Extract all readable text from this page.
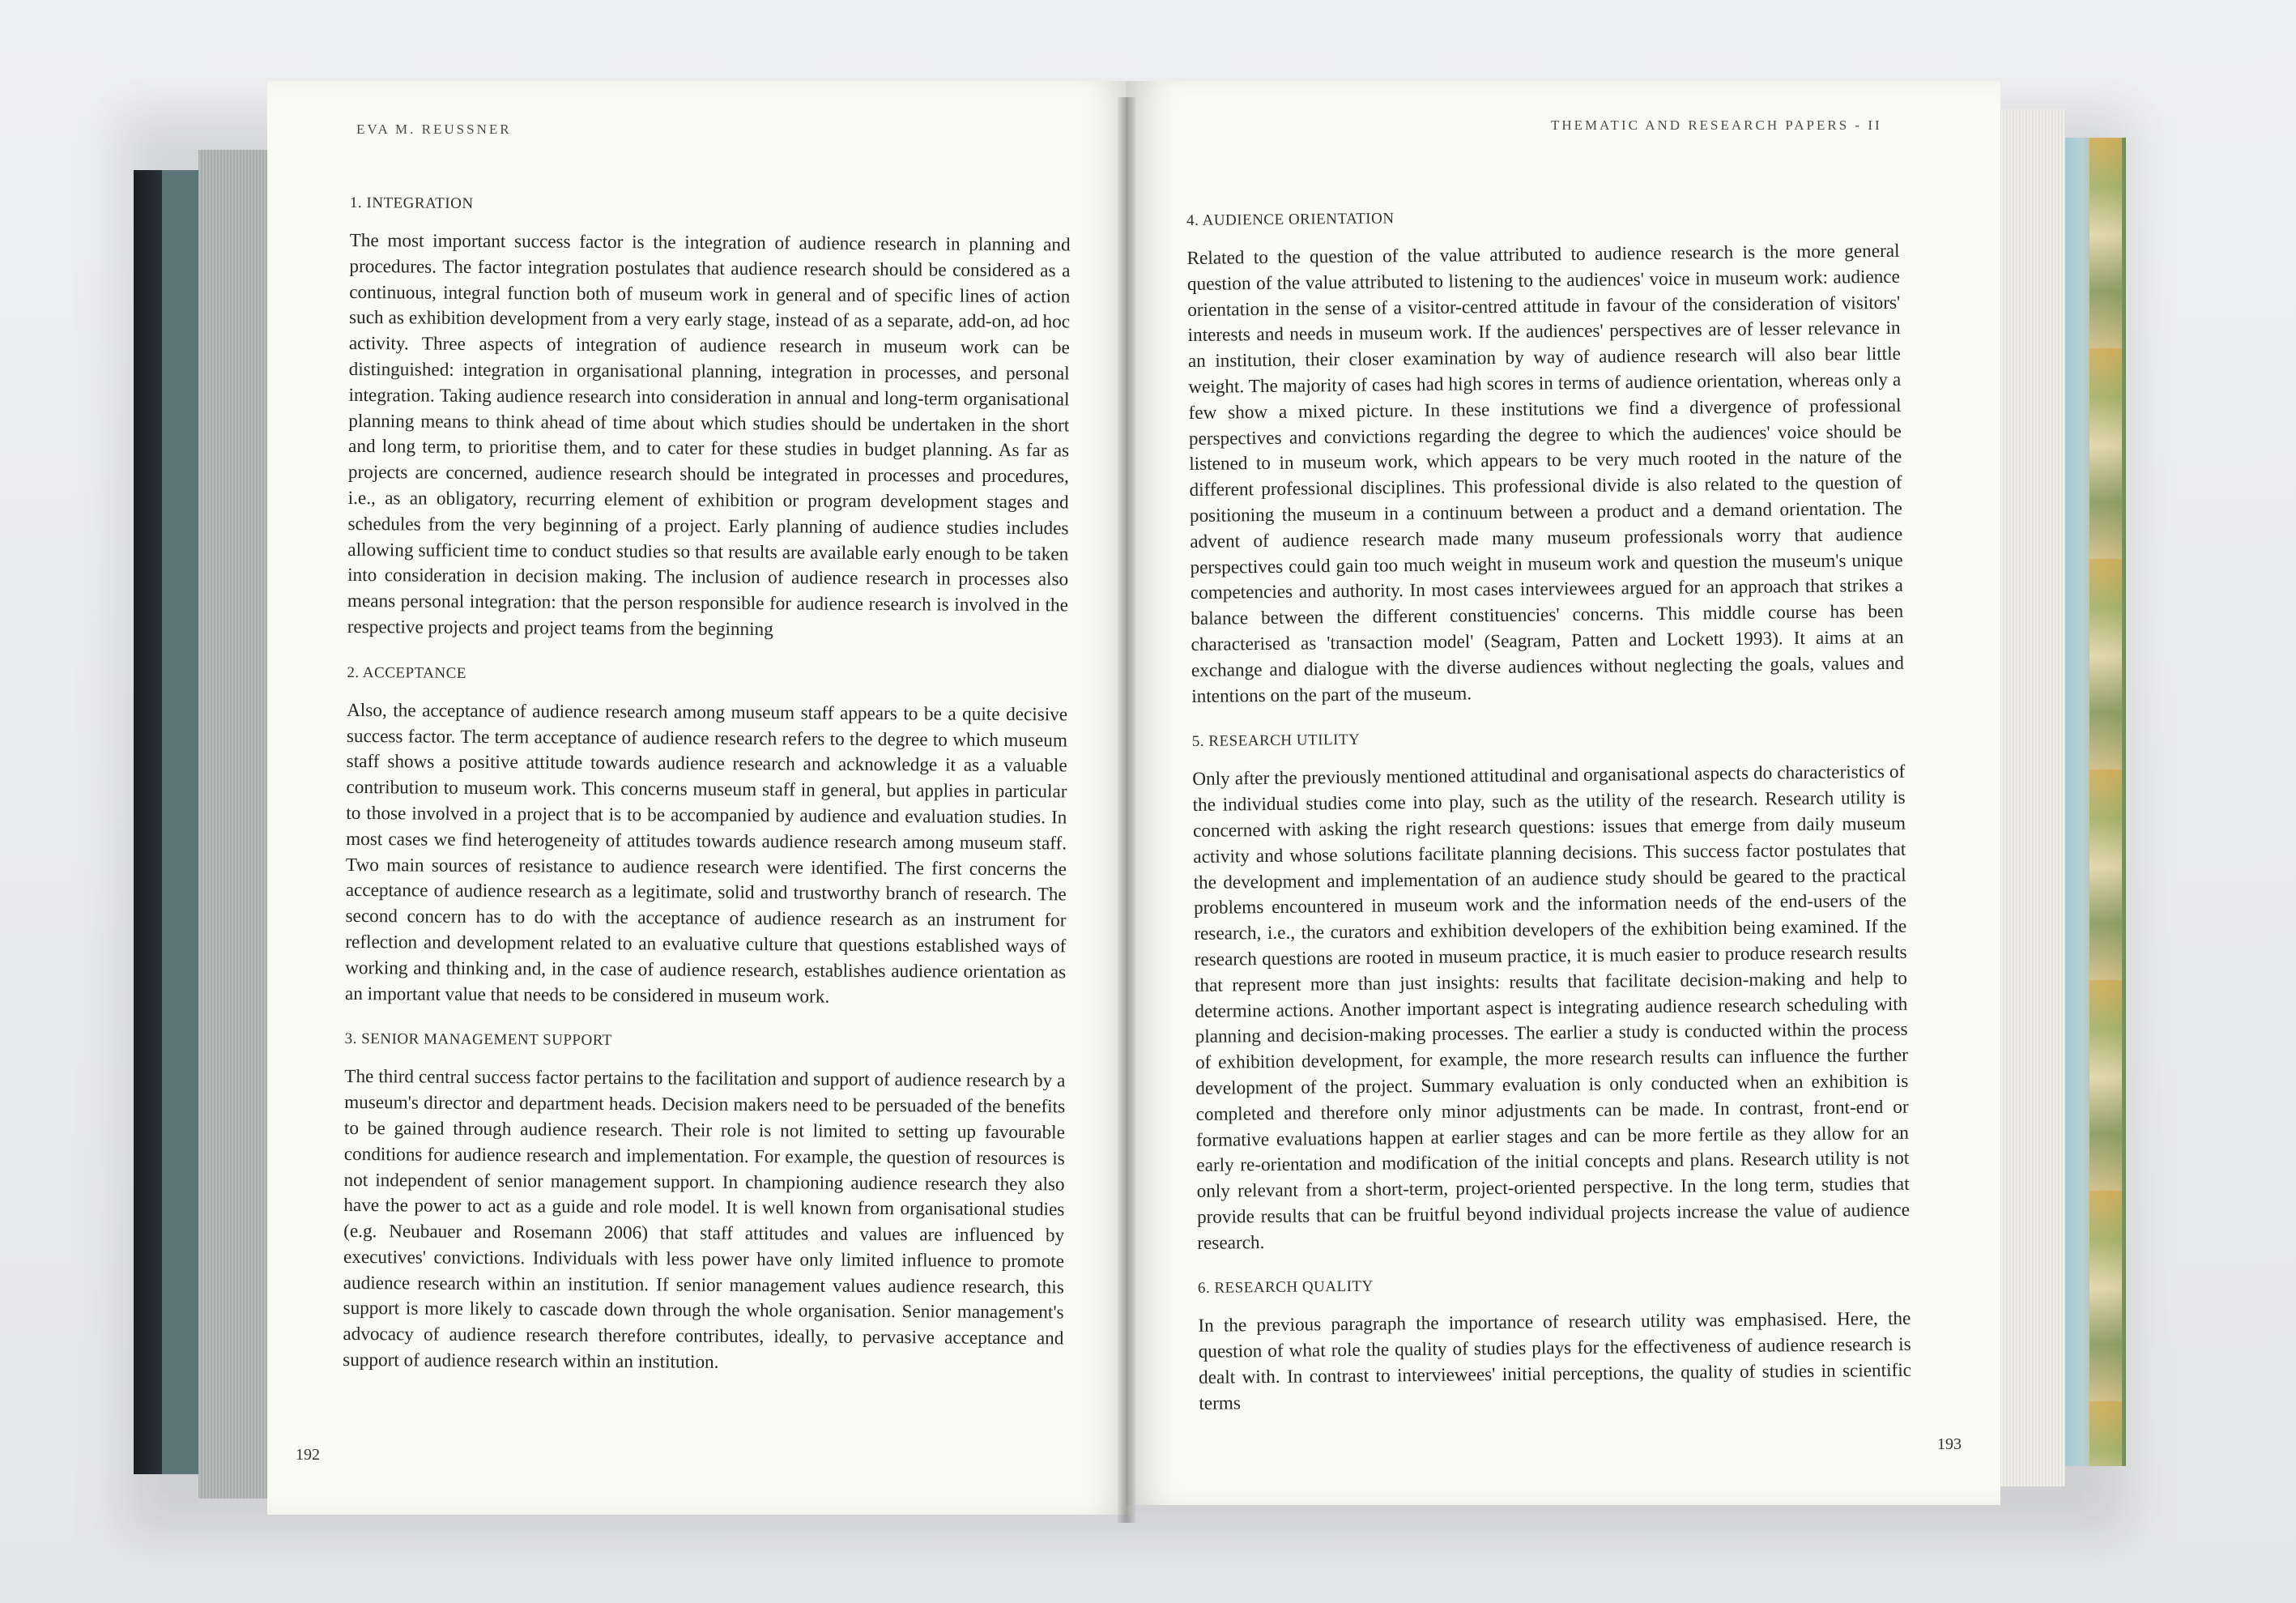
EVA M. REUSSNER	THEMATIC AND RESEARCH PAPERS - II
1. INTEGRATION
The most important success factor is the integration of audience research in planning and procedures. The factor integration postulates that audience research should be considered as a continuous, integral function both of museum work in general and of specific lines of action such as exhibition development from a very early stage, instead of as a separate, add-on, ad hoc activity. Three aspects of integration of audience research in museum work can be distinguished: integration in organisational planning, integration in processes, and personal integration. Taking audience research into consideration in annual and long-term organisational planning means to think ahead of time about which studies should be undertaken in the short and long term, to prioritise them, and to cater for these studies in budget planning. As far as projects are concerned, audience research should be integrated in processes and procedures, i.e., as an obligatory, recurring element of exhibition or program development stages and schedules from the very beginning of a project. Early planning of audience studies includes allowing sufficient time to conduct studies so that results are available early enough to be taken into consideration in decision making. The inclusion of audience research in processes also means personal integration: that the person responsible for audience research is involved in the respective projects and project teams from the beginning
2. ACCEPTANCE
Also, the acceptance of audience research among museum staff appears to be a quite decisive success factor. The term acceptance of audience research refers to the degree to which museum staff shows a positive attitude towards audience research and acknowledge it as a valuable contribution to museum work. This concerns museum staff in general, but applies in particular to those involved in a project that is to be accompanied by audience and evaluation studies. In most cases we find heterogeneity of attitudes towards audience research among museum staff. Two main sources of resistance to audience research were identified. The first concerns the acceptance of audience research as a legitimate, solid and trustworthy branch of research. The second concern has to do with the acceptance of audience research as an instrument for reflection and development related to an evaluative culture that questions established ways of working and thinking and, in the case of audience research, establishes audience orientation as an important value that needs to be considered in museum work.
3. SENIOR MANAGEMENT SUPPORT
The third central success factor pertains to the facilitation and support of audience research by a museum's director and department heads. Decision makers need to be persuaded of the benefits to be gained through audience research. Their role is not limited to setting up favourable conditions for audience research and implementation. For example, the question of resources is not independent of senior management support. In championing audience research they also have the power to act as a guide and role model. It is well known from organisational studies (e.g. Neubauer and Rosemann 2006) that staff attitudes and values are influenced by executives' convictions. Individuals with less power have only limited influence to promote audience research within an institution. If senior management values audience research, this support is more likely to cascade down through the whole organisation. Senior management's advocacy of audience research therefore contributes, ideally, to pervasive acceptance and support of audience research within an institution.
4. AUDIENCE ORIENTATION
Related to the question of the value attributed to audience research is the more general question of the value attributed to listening to the audiences' voice in museum work: audience orientation in the sense of a visitor-centred attitude in favour of the consideration of visitors' interests and needs in museum work. If the audiences' perspectives are of lesser relevance in an institution, their closer examination by way of audience research will also bear little weight. The majority of cases had high scores in terms of audience orientation, whereas only a few show a mixed picture. In these institutions we find a divergence of professional perspectives and convictions regarding the degree to which the audiences' voice should be listened to in museum work, which appears to be very much rooted in the nature of the different professional disciplines. This professional divide is also related to the question of positioning the museum in a continuum between a product and a demand orientation. The advent of audience research made many museum professionals worry that audience perspectives could gain too much weight in museum work and question the museum's unique competencies and authority. In most cases interviewees argued for an approach that strikes a balance between the different constituencies' concerns. This middle course has been characterised as 'transaction model' (Seagram, Patten and Lockett 1993). It aims at an exchange and dialogue with the diverse audiences without neglecting the goals, values and intentions on the part of the museum.
5. RESEARCH UTILITY
Only after the previously mentioned attitudinal and organisational aspects do characteristics of the individual studies come into play, such as the utility of the research. Research utility is concerned with asking the right research questions: issues that emerge from daily museum activity and whose solutions facilitate planning decisions. This success factor postulates that the development and implementation of an audience study should be geared to the practical problems encountered in museum work and the information needs of the end-users of the research, i.e., the curators and exhibition developers of the exhibition being examined. If the research questions are rooted in museum practice, it is much easier to produce research results that represent more than just insights: results that facilitate decision-making and help to determine actions. Another important aspect is integrating audience research scheduling with planning and decision-making processes. The earlier a study is conducted within the process of exhibition development, for example, the more research results can influence the further development of the project. Summary evaluation is only conducted when an exhibition is completed and therefore only minor adjustments can be made. In contrast, front-end or formative evaluations happen at earlier stages and can be more fertile as they allow for an early re-orientation and modification of the initial concepts and plans. Research utility is not only relevant from a short-term, project-oriented perspective. In the long term, studies that provide results that can be fruitful beyond individual projects increase the value of audience research.
6. RESEARCH QUALITY
In the previous paragraph the importance of research utility was emphasised. Here, the question of what role the quality of studies plays for the effectiveness of audience research is dealt with. In contrast to interviewees' initial perceptions, the quality of studies in scientific terms
192
193
